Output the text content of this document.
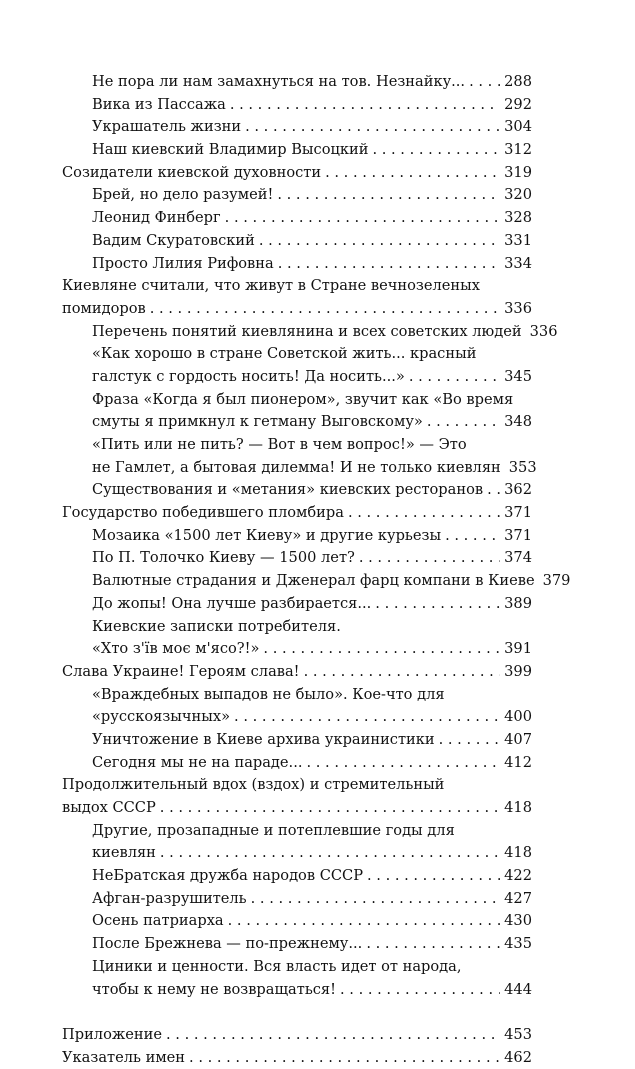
Не пора ли нам замахнуться на тов. Незнайку... . . .	288
Вика из Пассажа . . .	292
Украшатель жизни . . .	304
Наш киевский Владимир Высоцкий . . .	312
Созидатели киевской духовности . . .	319
Брей, но дело разумей! . . .	320
Леонид Финберг . . .	328
Вадим Скуратовский . . .	331
Просто Лилия Рифовна . . .	334
Киевляне считали, что живут в Стране вечнозеленых
помидоров . . .	336
Перечень понятий киевлянина и всех советских людей 336
«Как хорошо в стране Советской жить... красный
галстук с гордость носить! Да носить...» . . .	345
Фраза «Когда я был пионером», звучит как «Во время
смуты я примкнул к гетману Выговскому» . . .	348
«Пить или не пить? — Вот в чем вопрос!» — Это
не Гамлет, а бытовая дилемма! И не только киевлян 353
Существования и «метания» киевских ресторанов . . . 362
Государство победившего пломбира . . .	371
Мозаика «1500 лет Киеву» и другие курьезы . . .	371
По П. Толочко Киеву — 1500 лет? . . .	374
Валютные страдания и Дженерал фарц компани в Киеве 379
До жопы! Она лучше разбирается... . . .	389
Киевские записки потребителя.
«Хто з'їв моє м'ясо?!» . . .	391
Слава Украине! Героям слава! . . .	399
«Враждебных выпадов не было». Кое-что для
«русскоязычных» . . .	400
Уничтожение в Киеве архива украинистики . . .	407
Сегодня мы не на параде... . . .	412
Продолжительный вдох (вздох) и стремительный
выдох СССР . . .	418
Другие, прозападные и потеплевшие годы для
киевлян . . .	418
НеБратская дружба народов СССР . . .	422
Афган-разрушитель . . .	427
Осень патриарха . . .	430
После Брежнева — по-прежнему... . . .	435
Циники и ценности. Вся власть идет от народа,
чтобы к нему не возвращаться! . . .	444
Приложение . . .	453
Указатель имен . . .	462
